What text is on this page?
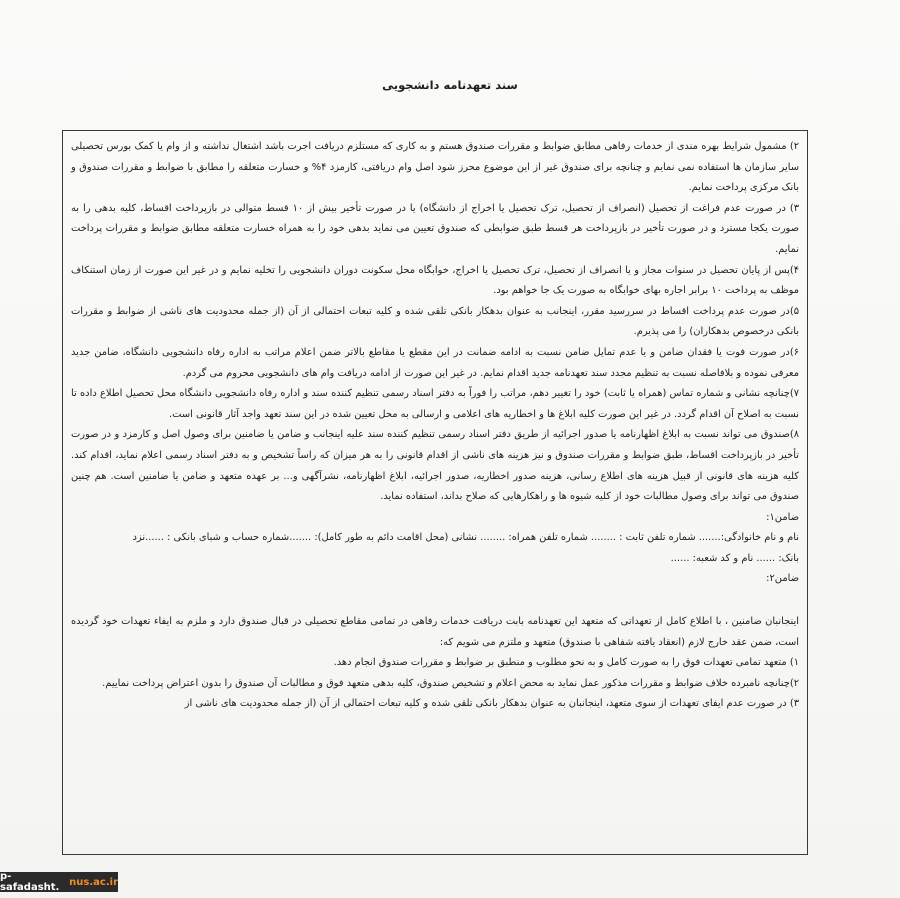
سند تعهدنامه دانشجویی

۲) مشمول شرایط بهره مندی از خدمات رفاهی مطابق ضوابط و مقررات صندوق هستم و به کاری که مستلزم دریافت اجرت باشد اشتغال نداشته و از وام یا کمک بورس تحصیلی سایر سازمان ها استفاده نمی نمایم و چنانچه برای صندوق غیر از این موضوع محرز شود اصل وام دریافتی، کارمزد ۴% و خسارت متعلقه را مطابق با ضوابط و مقررات صندوق و بانک مرکزی پرداخت نمایم.

۳) در صورت عدم فراغت از تحصیل (انصراف از تحصیل، ترک تحصیل یا اخراج از دانشگاه) یا در صورت تأخیر بیش از ۱۰ قسط متوالی در بازپرداخت اقساط، کلیه بدهی را به صورت یکجا مسترد و در صورت تأخیر در بازپرداخت هر قسط طبق ضوابطی که صندوق تعیین می نماید بدهی خود را به همراه خسارت متعلقه مطابق ضوابط و مقررات پرداخت نمایم.

۴)پس از پایان تحصیل در سنوات مجاز و یا انصراف از تحصیل، ترک تحصیل یا اخراج، خوابگاه محل سکونت دوران دانشجویی را تخلیه نمایم و در غیر این صورت از زمان استنکاف موظف به پرداخت ۱۰ برابر اجاره بهای خوابگاه به صورت یک جا خواهم بود.

۵)در صورت عدم پرداخت اقساط در سررسید مقرر، اینجانب به عنوان بدهکار بانکی تلقی شده و کلیه تبعات احتمالی از آن (از جمله محدودیت های ناشی از ضوابط و مقررات بانکی درخصوص بدهکاران) را می پذیرم.

۶)در صورت فوت یا فقدان ضامن و یا عدم تمایل ضامن نسبت به ادامه ضمانت در این مقطع یا مقاطع بالاتر ضمن اعلام مراتب به اداره رفاه دانشجویی دانشگاه، ضامن جدید معرفی نموده و بلافاصله نسبت به تنظیم مجدد سند تعهدنامه جدید اقدام نمایم. در غیر این صورت از ادامه دریافت وام های دانشجویی محروم می گردم.

۷)چنانچه نشانی و شماره تماس (همراه یا ثابت) خود را تغییر دهم، مراتب را فوراً به دفتر اسناد رسمی تنظیم کننده سند و اداره رفاه دانشجویی دانشگاه محل تحصیل اطلاع داده تا نسبت به اصلاح آن اقدام گردد. در غیر این صورت کلیه ابلاغ ها و اخطاریه های اعلامی و ارسالی به محل تعیین شده در این سند تعهد واجد آثار قانونی است.

۸)صندوق می تواند نسبت به ابلاغ اظهارنامه یا صدور اجرائیه از طریق دفتر اسناد رسمی تنظیم کننده سند علیه اینجانب و ضامن یا ضامنین برای وصول اصل و کارمزد و در صورت تأخیر در بازپرداخت اقساط، طبق ضوابط و مقررات صندوق و نیز هزینه های ناشی از اقدام قانونی را به هر میزان که راساً تشخیص و به دفتر اسناد رسمی اعلام نماید، اقدام کند. کلیه هزینه های قانونی از قبیل هزینه های اطلاع رسانی، هزینه صدور اخطاریه، صدور اجرائیه، ابلاغ اظهارنامه، نشرآگهی و... بر عهده متعهد و ضامن یا ضامنین است. هم چنین صندوق می تواند برای وصول مطالبات خود از کلیه شیوه ها و راهکارهایی که صلاح بداند، استفاده نماید.

ضامن۱:

نام و نام خانوادگی:....... شماره تلفن ثابت : ........ شماره تلفن همراه: ........ نشانی (محل اقامت دائم به طور کامل): .......شماره حساب و شبای بانکی : ......نزد

بانک: ...... نام و کد شعبه: ......

ضامن۲:

اینجانبان ضامنین ، با اطلاع کامل از تعهداتی که متعهد این تعهدنامه بابت دریافت خدمات رفاهی در تمامی مقاطع تحصیلی در قبال صندوق دارد و ملزم به ایفاء تعهدات خود گردیده است، ضمن عقد خارج لازم (انعقاد یافته شفاهی با صندوق) متعهد و ملتزم می شویم که:

۱) متعهد تمامی تعهدات فوق را به صورت کامل و به نحو مطلوب و منطبق بر ضوابط و مقررات صندوق انجام دهد.

۲)چنانچه نامبرده خلاف ضوابط و مقررات مذکور عمل نماید به محض اعلام و تشخیص صندوق، کلیه بدهی متعهد فوق و مطالبات آن صندوق را بدون اعتراض پرداخت نماییم.

۳) در صورت عدم ایفای تعهدات از سوی متعهد، اینجانبان به عنوان بدهکار بانکی تلقی شده و کلیه تبعات احتمالی از آن (از جمله محدودیت های ناشی از

p-safadasht. nus.ac.ir
